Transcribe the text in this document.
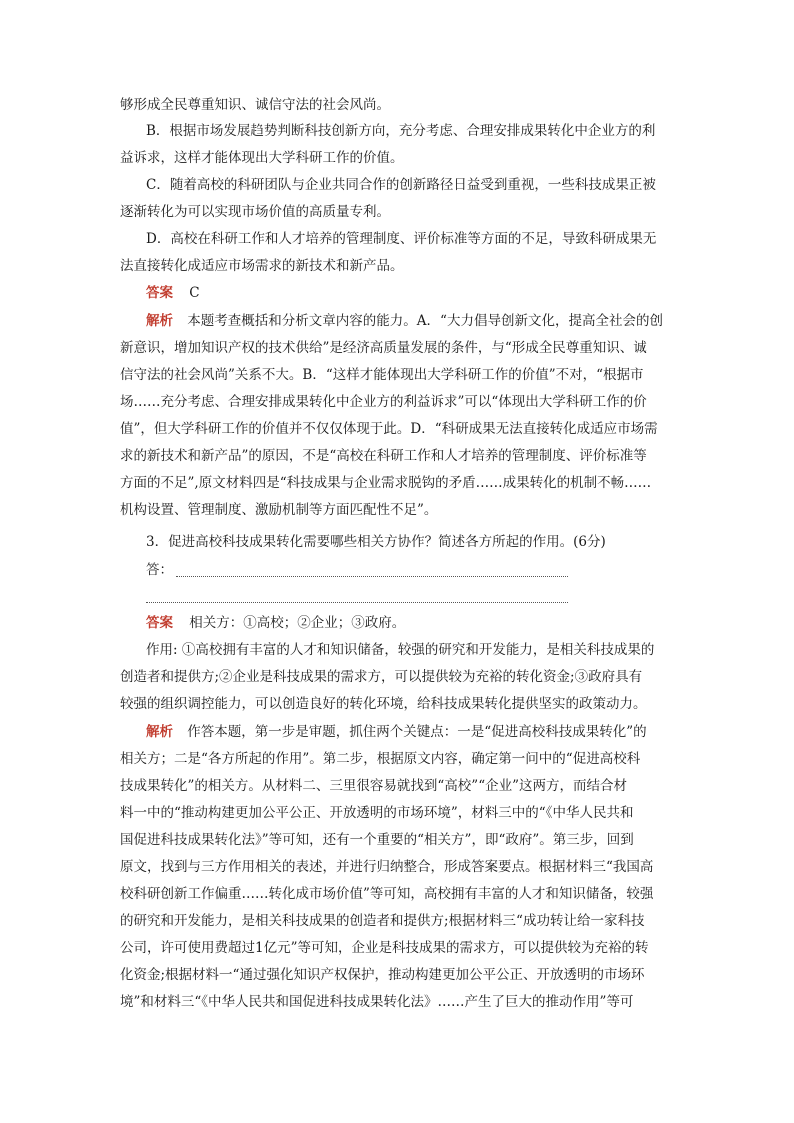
够形成全民尊重知识、诚信守法的社会风尚。
B．根据市场发展趋势判断科技创新方向，充分考虑、合理安排成果转化中企业方的利
益诉求，这样才能体现出大学科研工作的价值。
C．随着高校的科研团队与企业共同合作的创新路径日益受到重视，一些科技成果正被
逐渐转化为可以实现市场价值的高质量专利。
D．高校在科研工作和人才培养的管理制度、评价标准等方面的不足，导致科研成果无
法直接转化成适应市场需求的新技术和新产品。
答案 C
解析 本题考查概括和分析文章内容的能力。A．“大力倡导创新文化，提高全社会的创
新意识，增加知识产权的技术供给”是经济高质量发展的条件，与“形成全民尊重知识、诚
信守法的社会风尚”关系不大。B．“这样才能体现出大学科研工作的价值”不对，“根据市
场……充分考虑、合理安排成果转化中企业方的利益诉求”可以“体现出大学科研工作的价
值”，但大学科研工作的价值并不仅仅体现于此。D．“科研成果无法直接转化成适应市场需
求的新技术和新产品”的原因，不是“高校在科研工作和人才培养的管理制度、评价标准等
方面的不足”,原文材料四是“科技成果与企业需求脱钩的矛盾……成果转化的机制不畅……
机构设置、管理制度、激励机制等方面匹配性不足”。
3．促进高校科技成果转化需要哪些相关方协作？简述各方所起的作用。(6分)
答：
答案 相关方：①高校；②企业；③政府。
作用: ①高校拥有丰富的人才和知识储备，较强的研究和开发能力，是相关科技成果的
创造者和提供方;②企业是科技成果的需求方，可以提供较为充裕的转化资金;③政府具有
较强的组织调控能力，可以创造良好的转化环境，给科技成果转化提供坚实的政策动力。
解析 作答本题，第一步是审题，抓住两个关键点：一是“促进高校科技成果转化”的
相关方；二是“各方所起的作用”。第二步，根据原文内容，确定第一问中的“促进高校科
技成果转化”的相关方。从材料二、三里很容易就找到“高校”“企业”这两方，而结合材
料一中的“推动构建更加公平公正、开放透明的市场环境”，材料三中的“《中华人民共和
国促进科技成果转化法》”等可知，还有一个重要的“相关方”，即“政府”。第三步，回到
原文，找到与三方作用相关的表述，并进行归纳整合，形成答案要点。根据材料三“我国高
校科研创新工作偏重……转化成市场价值”等可知，高校拥有丰富的人才和知识储备，较强
的研究和开发能力，是相关科技成果的创造者和提供方;根据材料三“成功转让给一家科技
公司，许可使用费超过1亿元”等可知，企业是科技成果的需求方，可以提供较为充裕的转
化资金;根据材料一“通过强化知识产权保护，推动构建更加公平公正、开放透明的市场环
境”和材料三“《中华人民共和国促进科技成果转化法》……产生了巨大的推动作用”等可
